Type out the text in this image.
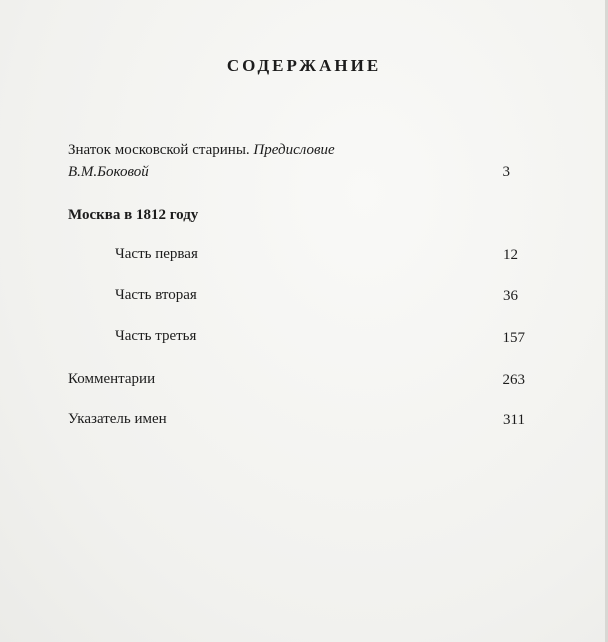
СОДЕРЖАНИЕ
Знаток московской старины. Предисловие
В.М.Боковой	3
Москва в 1812 году
Часть первая	12
Часть вторая	36
Часть третья	157
Комментарии	263
Указатель имен	311
